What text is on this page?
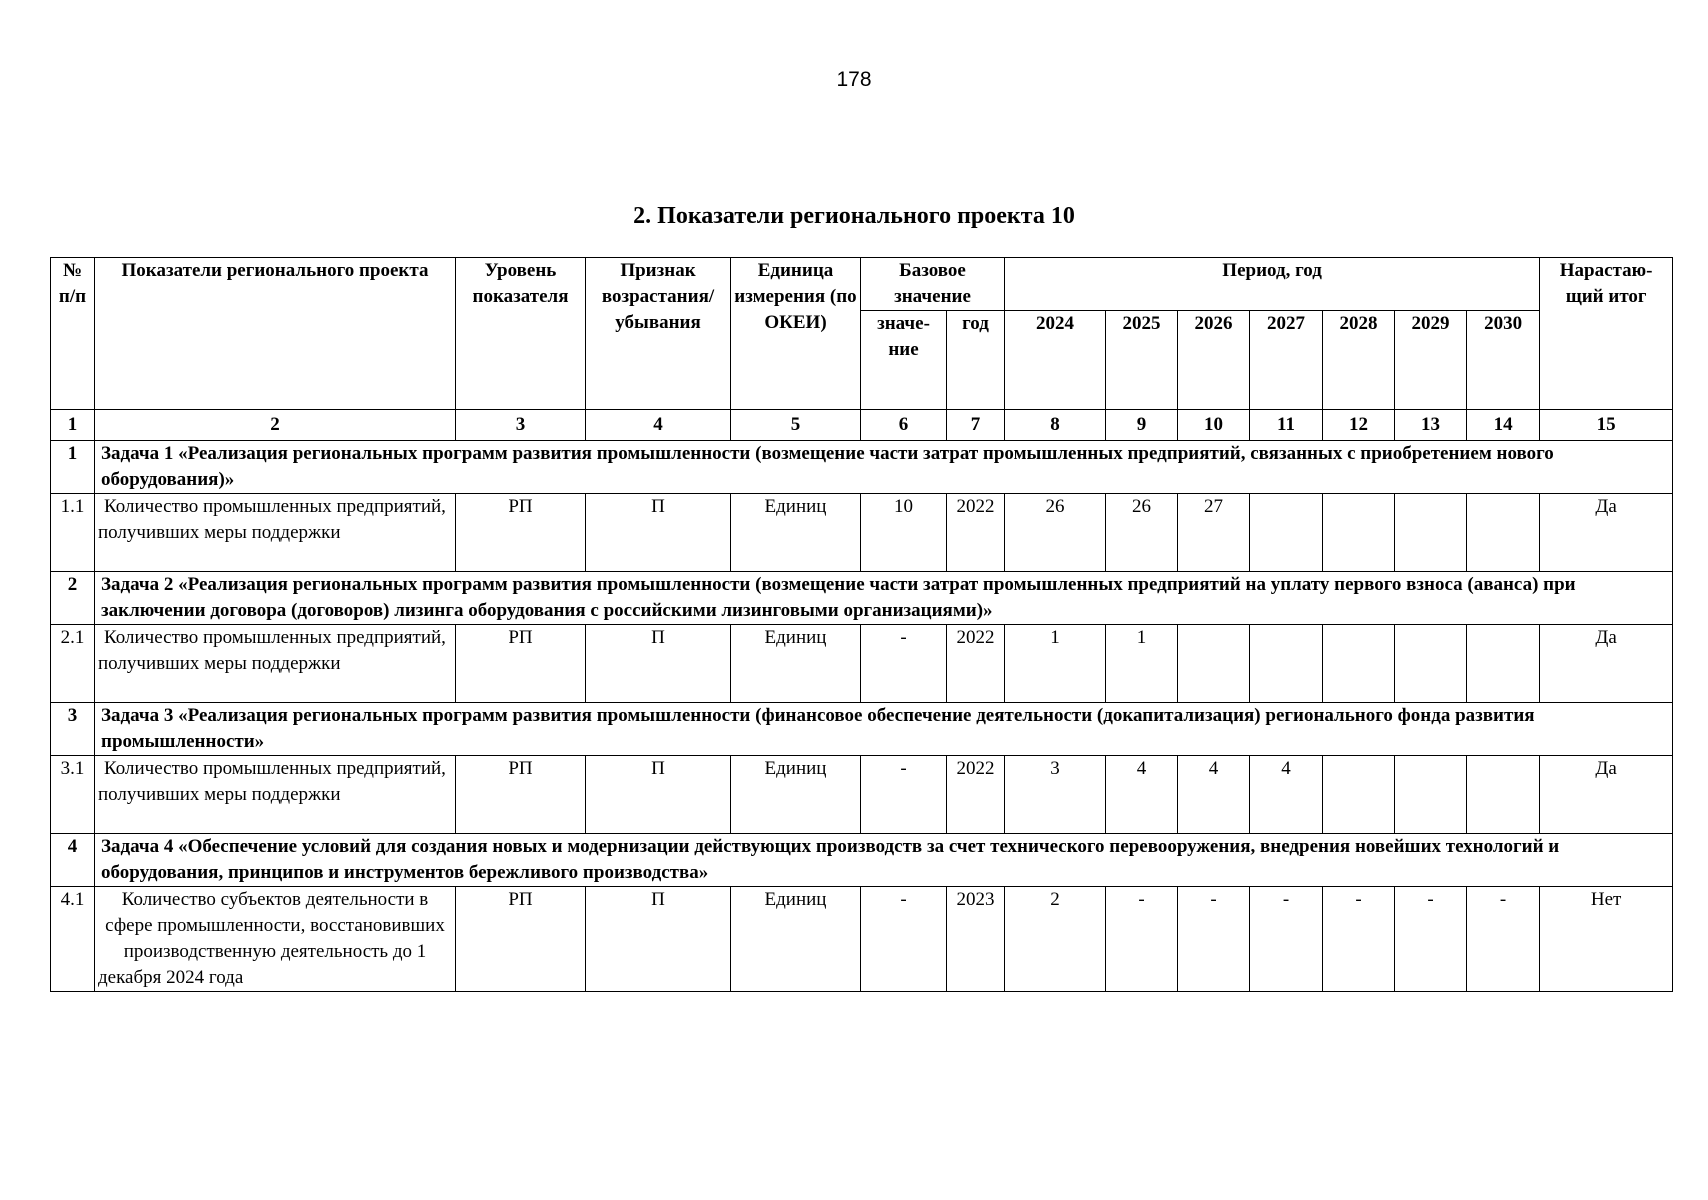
178
2. Показатели регионального проекта 10
№ п/п	Показатели регионального проекта	Уровень показателя	Признак возрастания/ убывания	Единица измерения (по ОКЕИ)	Базовое значение		Период, год							Нарастаю-щий итог
					значе-ние	год	2024	2025	2026	2027	2028	2029	2030	
1	2	3	4	5	6	7	8	9	10	11	12	13	14	15
1	Задача 1 «Реализация региональных программ развития промышленности (возмещение части затрат промышленных предприятий, связанных с приобретением нового оборудования)»													
1.1	Количество промышленных предприятий, получивших меры поддержки	РП	П	Единиц	10	2022	26	26	27					Да
2	Задача 2 «Реализация региональных программ развития промышленности (возмещение части затрат промышленных предприятий на уплату первого взноса (аванса) при заключении договора (договоров) лизинга оборудования с российскими лизинговыми организациями)»													
2.1	Количество промышленных предприятий, получивших меры поддержки	РП	П	Единиц	-	2022	1	1						Да
3	Задача 3 «Реализация региональных программ развития промышленности (финансовое обеспечение деятельности (докапитализация) регионального фонда развития промышленности»													
3.1	Количество промышленных предприятий, получивших меры поддержки	РП	П	Единиц	-	2022	3	4	4	4				Да
4	Задача 4 «Обеспечение условий для создания новых и модернизации действующих производств за счет технического перевооружения, внедрения новейших технологий и оборудования, принципов и инструментов бережливого производства»													
4.1	Количество субъектов деятельности в сфере промышленности, восстановивших производственную деятельность до 1 декабря 2024 года	РП	П	Единиц	-	2023	2	-	-	-	-	-	-	Нет
